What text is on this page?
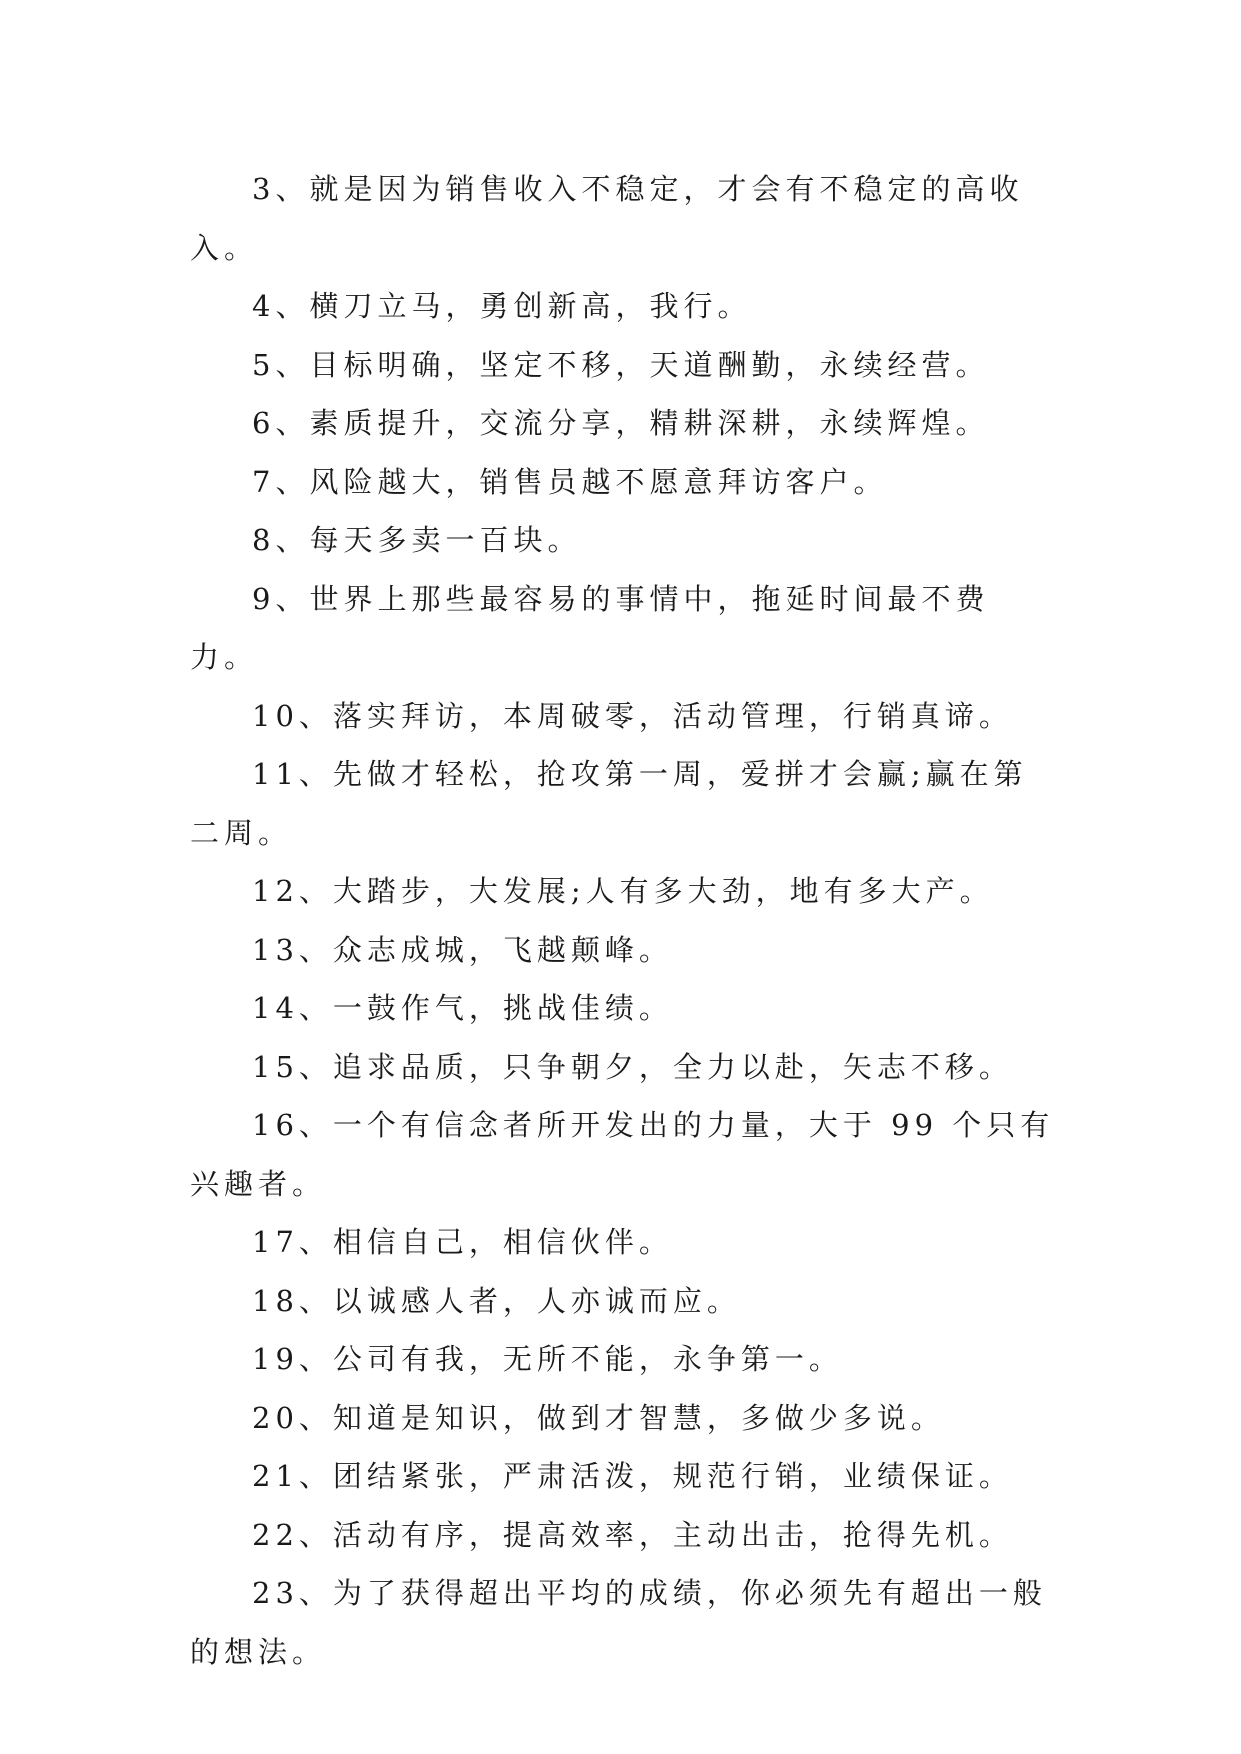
3、就是因为销售收入不稳定，才会有不稳定的高收入。

4、横刀立马，勇创新高，我行。

5、目标明确，坚定不移，天道酬勤，永续经营。

6、素质提升，交流分享，精耕深耕，永续辉煌。

7、风险越大，销售员越不愿意拜访客户。

8、每天多卖一百块。

9、世界上那些最容易的事情中，拖延时间最不费力。

10、落实拜访，本周破零，活动管理，行销真谛。

11、先做才轻松，抢攻第一周，爱拼才会赢;赢在第二周。

12、大踏步，大发展;人有多大劲，地有多大产。

13、众志成城，飞越颠峰。

14、一鼓作气，挑战佳绩。

15、追求品质，只争朝夕，全力以赴，矢志不移。

16、一个有信念者所开发出的力量，大于 99 个只有兴趣者。

17、相信自己，相信伙伴。

18、以诚感人者，人亦诚而应。

19、公司有我，无所不能，永争第一。

20、知道是知识，做到才智慧，多做少多说。

21、团结紧张，严肃活泼，规范行销，业绩保证。

22、活动有序，提高效率，主动出击，抢得先机。

23、为了获得超出平均的成绩，你必须先有超出一般的想法。
